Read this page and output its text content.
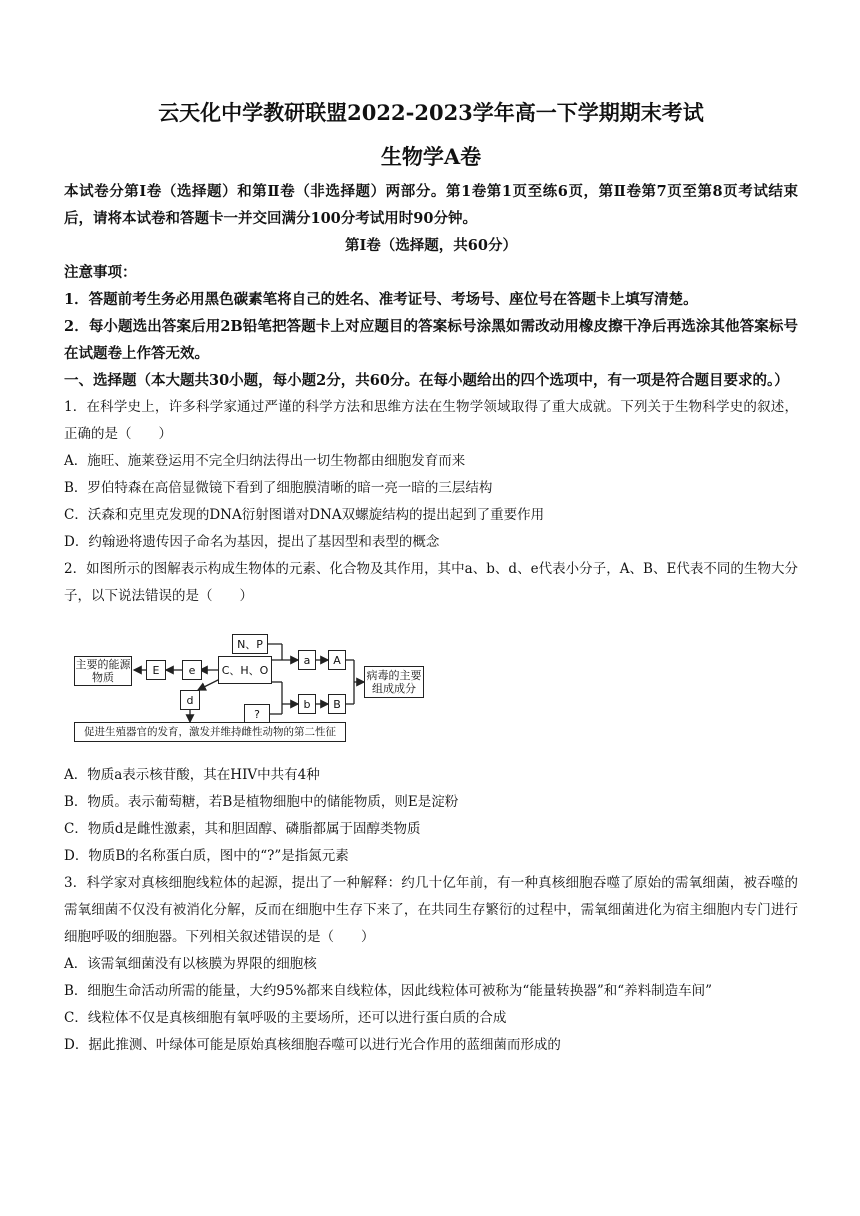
云天化中学教研联盟2022-2023学年高一下学期期末考试
生物学A卷

本试卷分第Ⅰ卷（选择题）和第Ⅱ卷（非选择题）两部分。第1卷第1页至练6页，第Ⅱ卷第7页至第8页考试结束后，请将本试卷和答题卡一并交回满分100分考试用时90分钟。

第Ⅰ卷（选择题，共60分）

注意事项：

1．答题前考生务必用黑色碳素笔将自己的姓名、准考证号、考场号、座位号在答题卡上填写清楚。

2．每小题选出答案后用2B铅笔把答题卡上对应题目的答案标号涂黑如需改动用橡皮擦干净后再选涂其他答案标号在试题卷上作答无效。

一、选择题（本大题共30小题，每小题2分，共60分。在每小题给出的四个选项中，有一项是符合题目要求的。）

1．在科学史上，许多科学家通过严谨的科学方法和思维方法在生物学领域取得了重大成就。下列关于生物科学史的叙述，正确的是（　　）

A．施旺、施莱登运用不完全归纳法得出一切生物都由细胞发育而来

B．罗伯特森在高倍显微镜下看到了细胞膜清晰的暗一亮一暗的三层结构

C．沃森和克里克发现的DNA衍射图谱对DNA双螺旋结构的提出起到了重要作用

D．约翰逊将遗传因子命名为基因，提出了基因型和表型的概念

2．如图所示的图解表示构成生物体的元素、化合物及其作用，其中a、b、d、e代表小分子，A、B、E代表不同的生物大分子，以下说法错误的是（　　）

主要的能源物质
E	e	C、H、O
N、P
?
a	A
b	B
d
病毒的主要组成成分
促进生殖器官的发育，激发并维持雌性动物的第二性征

A．物质a表示核苷酸，其在HIV中共有4种

B．物质。表示葡萄糖，若B是植物细胞中的储能物质，则E是淀粉

C．物质d是雌性激素，其和胆固醇、磷脂都属于固醇类物质

D．物质B的名称蛋白质，图中的“?”是指氮元素

3．科学家对真核细胞线粒体的起源，提出了一种解释：约几十亿年前，有一种真核细胞吞噬了原始的需氧细菌，被吞噬的需氧细菌不仅没有被消化分解，反而在细胞中生存下来了，在共同生存繁衍的过程中，需氧细菌进化为宿主细胞内专门进行细胞呼吸的细胞器。下列相关叙述错误的是（　　）

A．该需氧细菌没有以核膜为界限的细胞核

B．细胞生命活动所需的能量，大约95%都来自线粒体，因此线粒体可被称为“能量转换器”和“养料制造车间”

C．线粒体不仅是真核细胞有氧呼吸的主要场所，还可以进行蛋白质的合成

D．据此推测、叶绿体可能是原始真核细胞吞噬可以进行光合作用的蓝细菌而形成的
